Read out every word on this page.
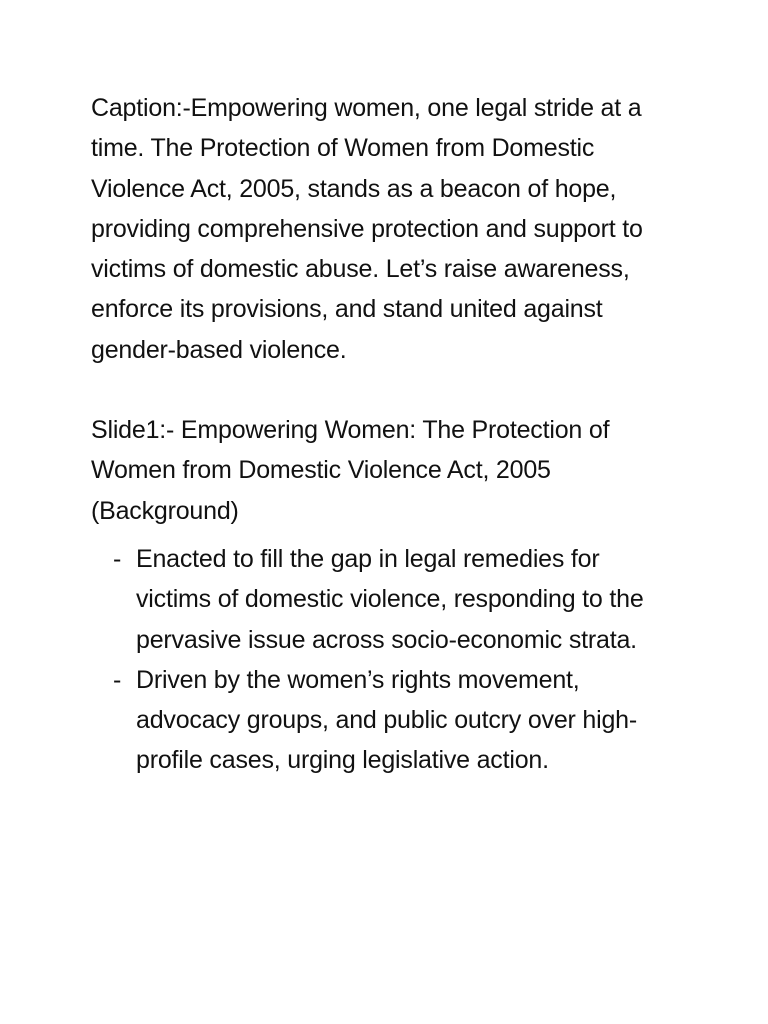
Caption:-Empowering women, one legal stride at a time. The Protection of Women from Domestic Violence Act, 2005, stands as a beacon of hope, providing comprehensive protection and support to victims of domestic abuse. Let’s raise awareness, enforce its provisions, and stand united against gender-based violence.

Slide1:- Empowering Women: The Protection of Women from Domestic Violence Act, 2005 (Background)

- Enacted to fill the gap in legal remedies for victims of domestic violence, responding to the pervasive issue across socio-economic strata.
- Driven by the women’s rights movement, advocacy groups, and public outcry over high-profile cases, urging legislative action.
